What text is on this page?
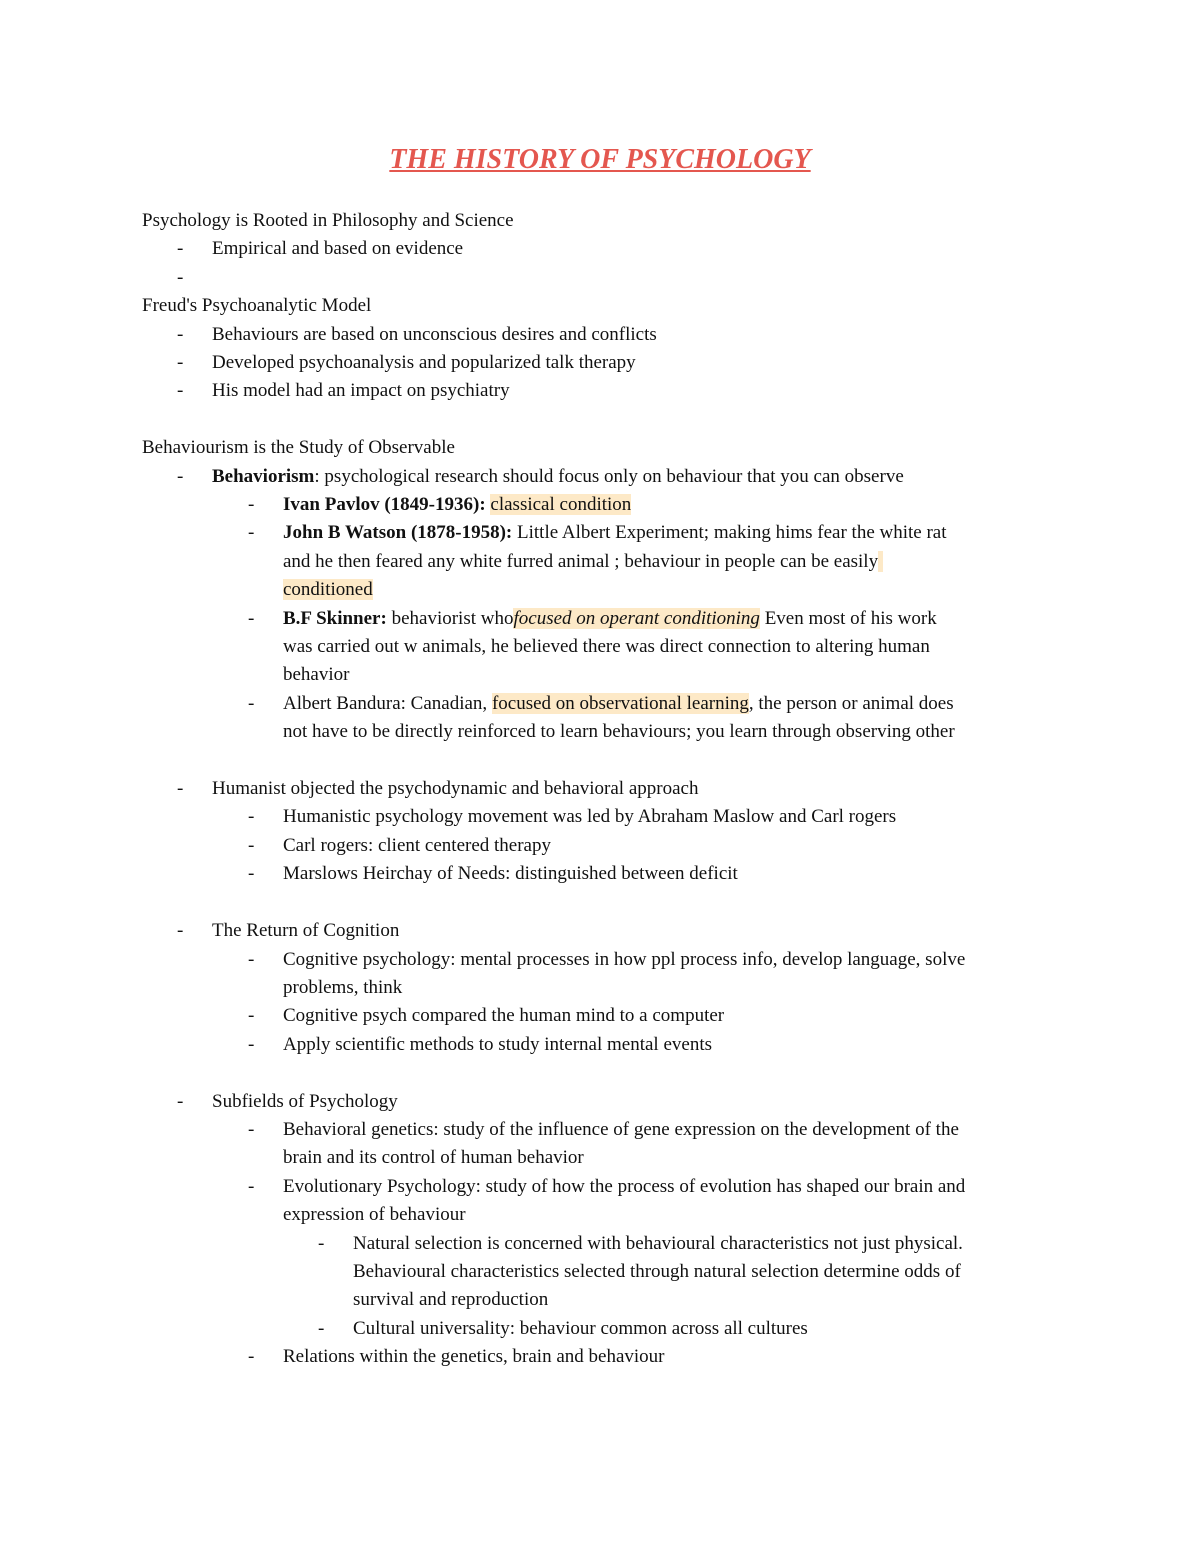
THE HISTORY OF PSYCHOLOGY
Psychology is Rooted in Philosophy and Science
-	Empirical and based on evidence
-
Freud's Psychoanalytic Model
-	Behaviours are based on unconscious desires and conflicts
-	Developed psychoanalysis and popularized talk therapy
-	His model had an impact on psychiatry
Behaviourism is the Study of Observable
-	Behaviorism: psychological research should focus only on behaviour that you can observe
-	Ivan Pavlov (1849-1936): classical condition
-	John B Watson (1878-1958): Little Albert Experiment; making hims fear the white rat
and he then feared any white furred animal ; behaviour in people can be easily
conditioned
-	B.F Skinner: behaviorist whofocused on operant conditioning Even most of his work
was carried out w animals, he believed there was direct connection to altering human
behavior
-	Albert Bandura: Canadian, focused on observational learning, the person or animal does
not have to be directly reinforced to learn behaviours; you learn through observing other
-	Humanist objected the psychodynamic and behavioral approach
-	Humanistic psychology movement was led by Abraham Maslow and Carl rogers
-	Carl rogers: client centered therapy
-	Marslows Heirchay of Needs: distinguished between deficit
-	The Return of Cognition
-	Cognitive psychology: mental processes in how ppl process info, develop language, solve
problems, think
-	Cognitive psych compared the human mind to a computer
-	Apply scientific methods to study internal mental events
-	Subfields of Psychology
-	Behavioral genetics: study of the influence of gene expression on the development of the
brain and its control of human behavior
-	Evolutionary Psychology: study of how the process of evolution has shaped our brain and
expression of behaviour
-	Natural selection is concerned with behavioural characteristics not just physical.
Behavioural characteristics selected through natural selection determine odds of
survival and reproduction
-	Cultural universality: behaviour common across all cultures
-	Relations within the genetics, brain and behaviour
